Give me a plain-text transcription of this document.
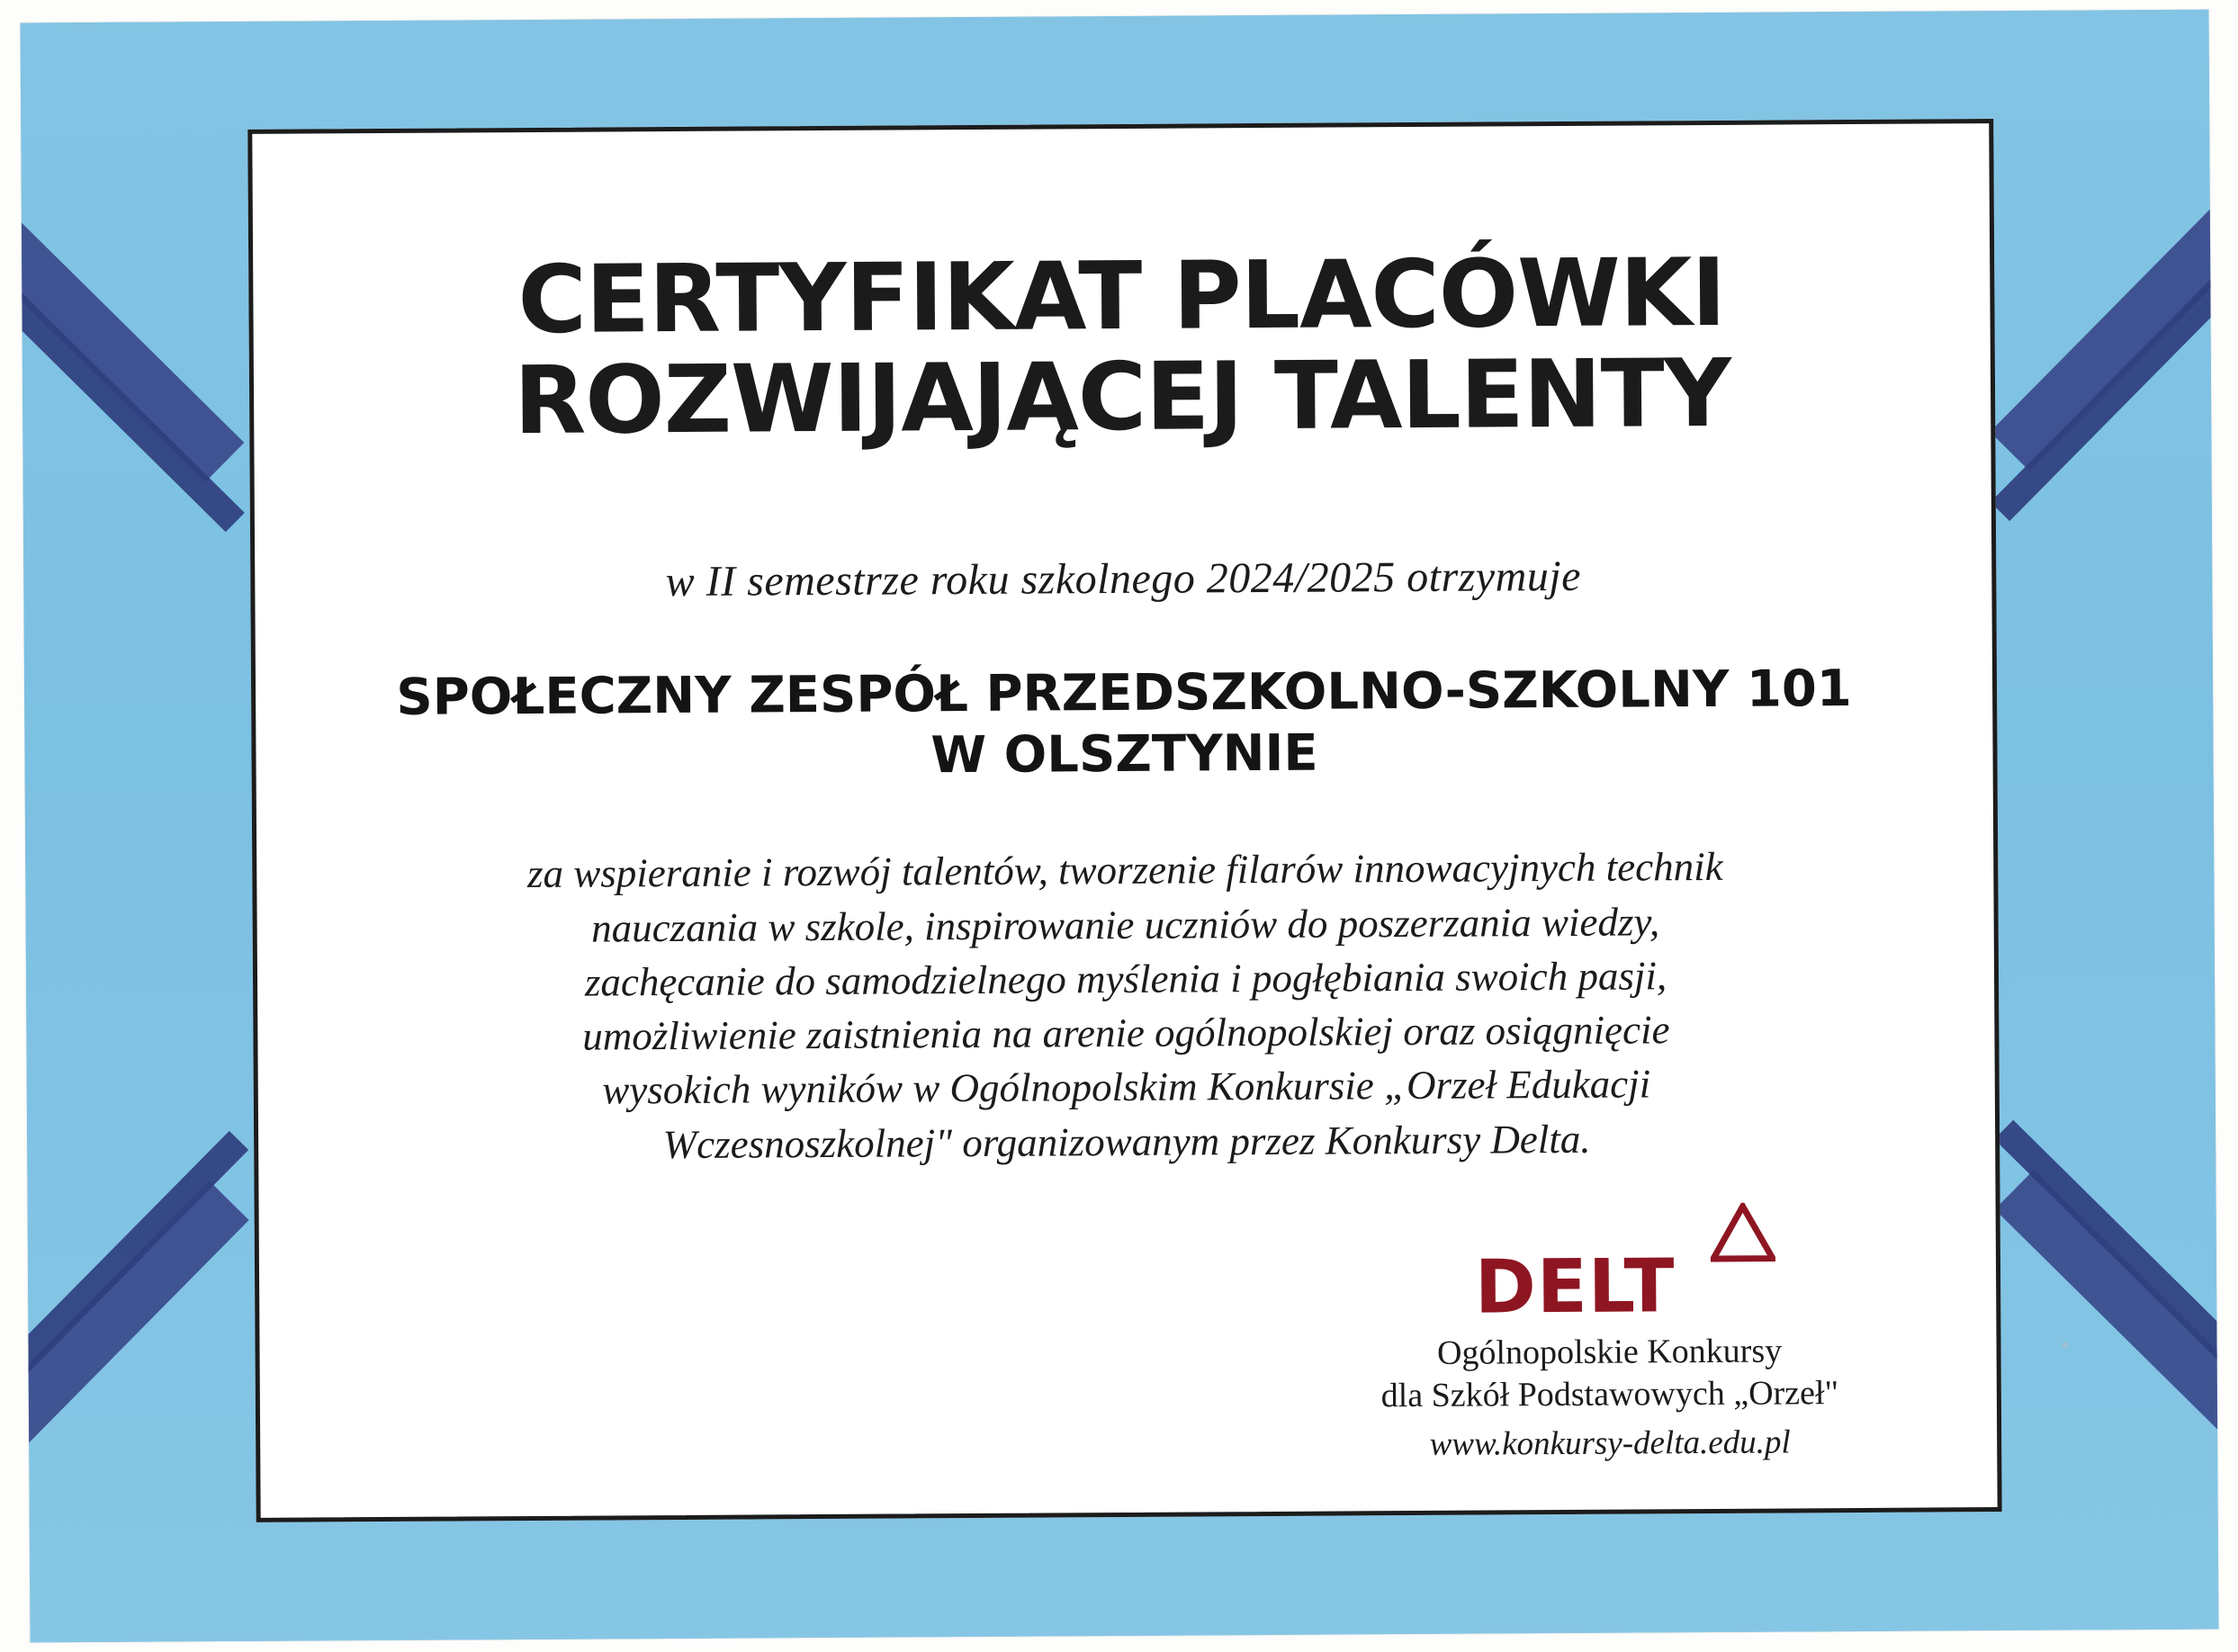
CERTYFIKAT PLACÓWKI
ROZWIJAJĄCEJ TALENTY
w II semestrze roku szkolnego 2024/2025 otrzymuje
SPOŁECZNY ZESPÓŁ PRZEDSZKOLNO-SZKOLNY 101
W OLSZTYNIE

za wspieranie i rozwój talentów, tworzenie filarów innowacyjnych technik

nauczania w szkole, inspirowanie uczniów do poszerzania wiedzy,

zachęcanie do samodzielnego myślenia i pogłębiania swoich pasji,

umożliwienie zaistnienia na arenie ogólnopolskiej oraz osiągnięcie

wysokich wyników w Ogólnopolskim Konkursie „Orzeł Edukacji

Wczesnoszkolnej" organizowanym przez Konkursy Delta.

DELT
Ogólnopolskie Konkursy
dla Szkół Podstawowych „Orzeł"
www.konkursy-delta.edu.pl
